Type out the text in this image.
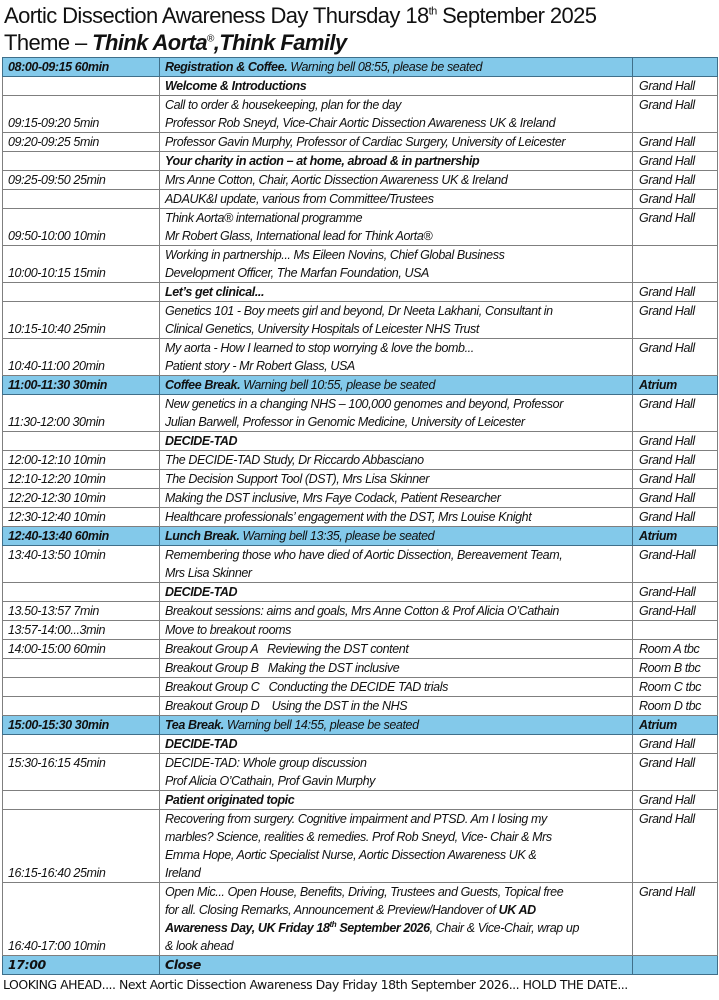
Aortic Dissection Awareness Day Thursday 18th September 2025
Theme – Think Aorta®,Think Family
08:00-09:15 60min	Registration & Coffee. Warning bell 08:55, please be seated	
	Welcome & Introductions	Grand Hall
09:15-09:20 5min	Call to order & housekeeping, plan for the day
Professor Rob Sneyd, Vice-Chair Aortic Dissection Awareness UK & Ireland	Grand Hall
09:20-09:25 5min	Professor Gavin Murphy, Professor of Cardiac Surgery, University of Leicester	Grand Hall
	Your charity in action – at home, abroad & in partnership	Grand Hall
09:25-09:50 25min	Mrs Anne Cotton, Chair, Aortic Dissection Awareness UK & Ireland	Grand Hall
	ADAUK&I update, various from Committee/Trustees	Grand Hall
09:50-10:00 10min	Think Aorta® international programme
Mr Robert Glass, International lead for Think Aorta®	Grand Hall
10:00-10:15 15min	Working in partnership... Ms Eileen Novins, Chief Global Business
Development Officer, The Marfan Foundation, USA	

	Let’s get clinical...	Grand Hall
10:15-10:40 25min	Genetics 101 - Boy meets girl and beyond, Dr Neeta Lakhani, Consultant in
Clinical Genetics, University Hospitals of Leicester NHS Trust	Grand Hall
10:40-11:00 20min	My aorta - How I learned to stop worrying & love the bomb...
Patient story - Mr Robert Glass, USA	Grand Hall
11:00-11:30 30min	Coffee Break. Warning bell 10:55, please be seated	Atrium
11:30-12:00 30min	New genetics in a changing NHS – 100,000 genomes and beyond, Professor
Julian Barwell, Professor in Genomic Medicine, University of Leicester	Grand Hall
	DECIDE-TAD	Grand Hall
12:00-12:10 10min	The DECIDE-TAD Study, Dr Riccardo Abbasciano	Grand Hall
12:10-12:20 10min	The Decision Support Tool (DST), Mrs Lisa Skinner	Grand Hall
12:20-12:30 10min	Making the DST inclusive, Mrs Faye Codack, Patient Researcher	Grand Hall
12:30-12:40 10min	Healthcare professionals’ engagement with the DST, Mrs Louise Knight	Grand Hall
12:40-13:40 60min	Lunch Break. Warning bell 13:35, please be seated	Atrium
13:40-13:50 10min	Remembering those who have died of Aortic Dissection, Bereavement Team,
Mrs Lisa Skinner	Grand-Hall
	DECIDE-TAD	Grand-Hall
13.50-13:57 7min	Breakout sessions: aims and goals, Mrs Anne Cotton & Prof Alicia O’Cathain	Grand-Hall
13:57-14:00...3min	Move to breakout rooms	
14:00-15:00 60min	Breakout Group A   Reviewing the DST content	Room A tbc
	Breakout Group B   Making the DST inclusive	Room B tbc
	Breakout Group C   Conducting the DECIDE TAD trials	Room C tbc
	Breakout Group D    Using the DST in the NHS	Room D tbc
15:00-15:30 30min	Tea Break. Warning bell 14:55, please be seated	Atrium
	DECIDE-TAD	Grand Hall
15:30-16:15 45min	DECIDE-TAD: Whole group discussion
Prof Alicia O’Cathain, Prof Gavin Murphy	Grand Hall
	Patient originated topic	Grand Hall
16:15-16:40 25min	Recovering from surgery. Cognitive impairment and PTSD. Am I losing my
marbles? Science, realities & remedies. Prof Rob Sneyd, Vice- Chair & Mrs
Emma Hope, Aortic Specialist Nurse, Aortic Dissection Awareness UK &
Ireland	Grand Hall
16:40-17:00 10min	Open Mic... Open House, Benefits, Driving, Trustees and Guests, Topical free
for all. Closing Remarks, Announcement & Preview/Handover of UK AD
Awareness Day, UK Friday 18th September 2026, Chair & Vice-Chair, wrap up
& look ahead	Grand Hall
17:00	Close	
LOOKING AHEAD.... Next Aortic Dissection Awareness Day Friday 18th September 2026... HOLD THE DATE...
